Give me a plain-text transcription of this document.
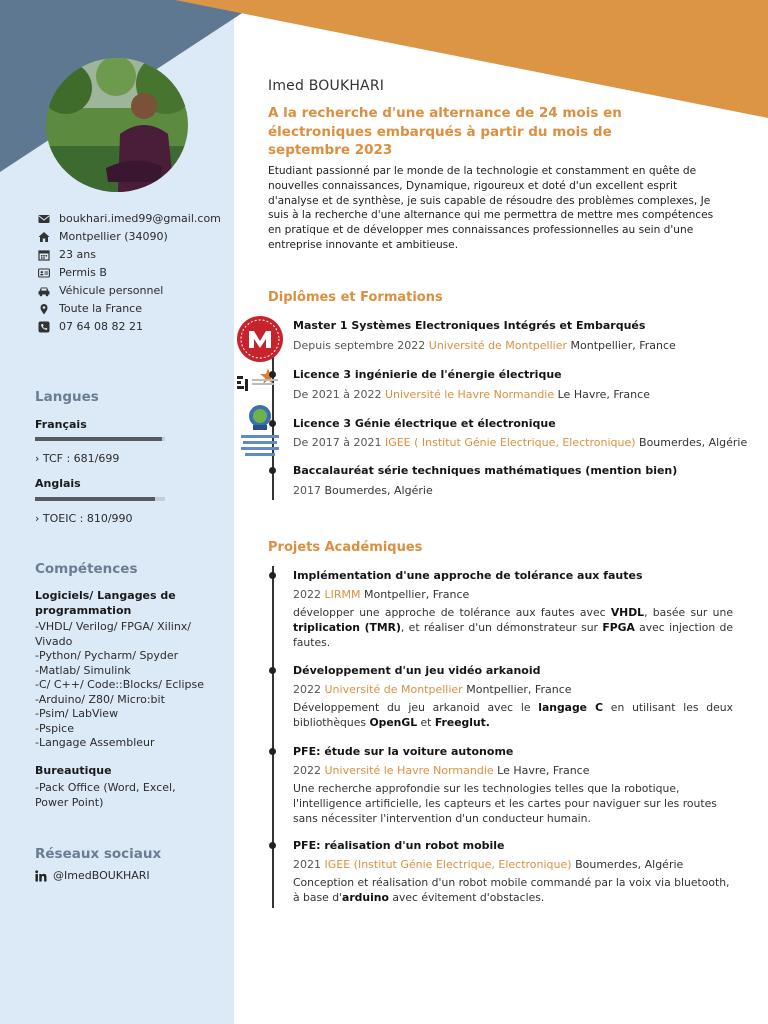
boukhari.imed99@gmail.com
Montpellier (34090)
23 ans
Permis B
Véhicule personnel
Toute la France
07 64 08 82 21
Langues
Français
› TCF : 681/699
Anglais
› TOEIC : 810/990
Compétences
Logiciels/ Langages de programmation
-VHDL/ Verilog/ FPGA/ Xilinx/ Vivado
-Python/ Pycharm/ Spyder
-Matlab/ Simulink
-C/ C++/ Code::Blocks/ Eclipse
-Arduino/ Z80/ Micro:bit
-Psim/ LabView
-Pspice
-Langage Assembleur
Bureautique
-Pack Office (Word, Excel, Power Point)
Réseaux sociaux
@ImedBOUKHARI
Imed BOUKHARI
A la recherche d'une alternance de 24 mois en électroniques embarqués à partir du mois de septembre 2023
Etudiant passionné par le monde de la technologie et constamment en quête de nouvelles connaissances, Dynamique, rigoureux et doté d'un excellent esprit d'analyse et de synthèse, je suis capable de résoudre des problèmes complexes, Je suis à la recherche d'une alternance qui me permettra de mettre mes compétences en pratique et de développer mes connaissances professionnelles au sein d'une entreprise innovante et ambitieuse.
Diplômes et Formations
Master 1 Systèmes Electroniques Intégrés et Embarqués
Depuis septembre 2022 Université de Montpellier Montpellier, France
Licence 3 ingénierie de l'énergie électrique
De 2021 à 2022 Université le Havre Normandie Le Havre, France
Licence 3 Génie électrique et électronique
De 2017 à 2021 IGEE ( Institut Génie Electrique, Electronique) Boumerdes, Algérie
Baccalauréat série techniques mathématiques (mention bien)
2017 Boumerdes, Algérie
Projets Académiques
Implémentation d'une approche de tolérance aux fautes
2022 LIRMM Montpellier, France
développer une approche de tolérance aux fautes avec VHDL, basée sur une triplication (TMR), et réaliser d'un démonstrateur sur FPGA avec injection de fautes.
Développement d'un jeu vidéo arkanoid
2022 Université de Montpellier Montpellier, France
Développement du jeu arkanoid avec le langage C en utilisant les deux bibliothèques OpenGL et Freeglut.
PFE: étude sur la voiture autonome
2022 Université le Havre Normandie Le Havre, France
Une recherche approfondie sur les technologies telles que la robotique, l'intelligence artificielle, les capteurs et les cartes pour naviguer sur les routes sans nécessiter l'intervention d'un conducteur humain.
PFE: réalisation d'un robot mobile
2021 IGEE (Institut Génie Electrique, Electronique) Boumerdes, Algérie
Conception et réalisation d'un robot mobile commandé par la voix via bluetooth, à base d'arduino avec évitement d'obstacles.
